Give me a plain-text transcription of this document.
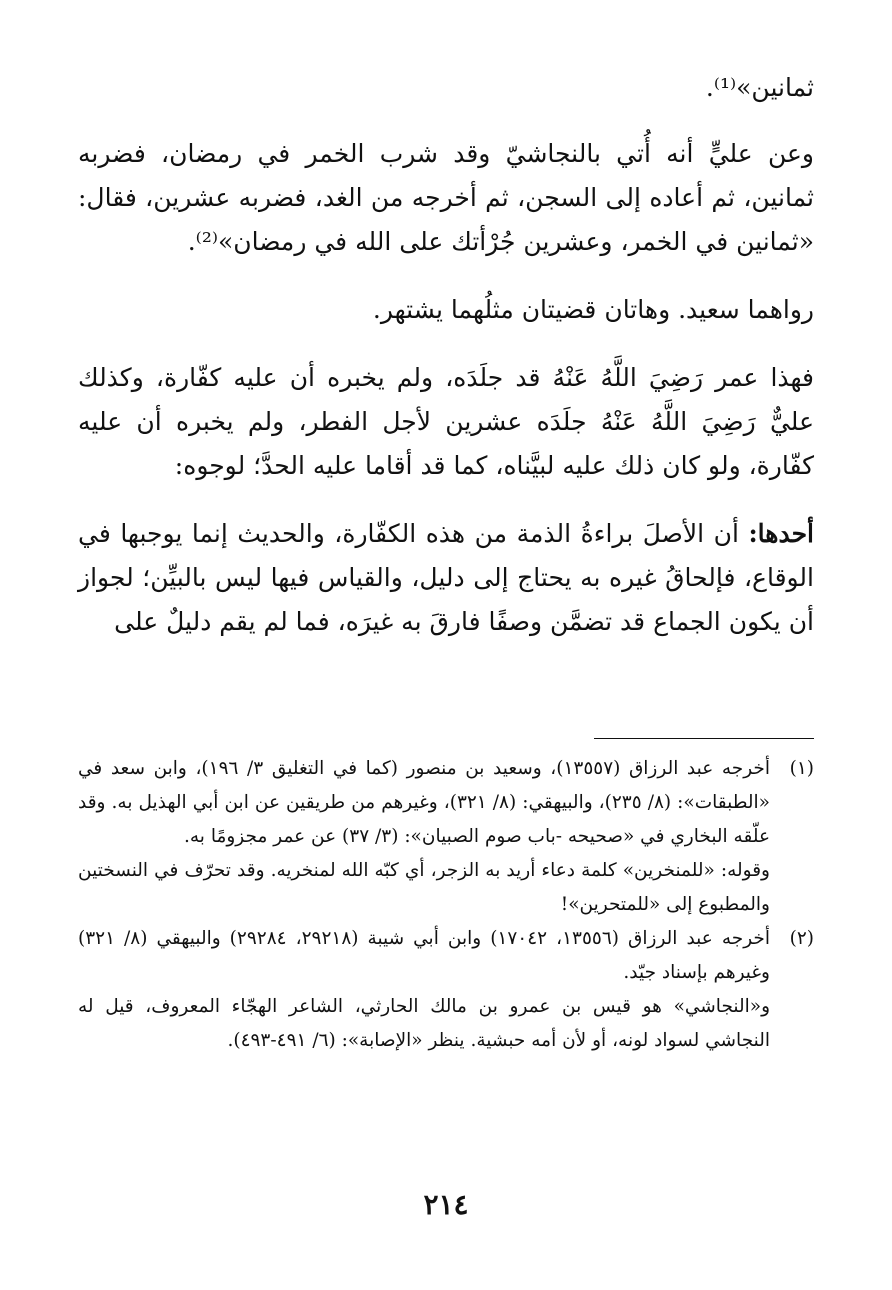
ثمانين»⁽¹⁾.

وعن عليٍّ أنه أُتي بالنجاشيّ وقد شرب الخمر في رمضان، فضربه ثمانين، ثم أعاده إلى السجن، ثم أخرجه من الغد، فضربه عشرين، فقال: «ثمانين في الخمر، وعشرين جُرْأتك على الله في رمضان»⁽²⁾.

رواهما سعيد. وهاتان قضيتان مثلُهما يشتهر.

فهذا عمر رَضِيَ اللَّهُ عَنْهُ قد جلَدَه، ولم يخبره أن عليه كفّارة، وكذلك عليٌّ رَضِيَ اللَّهُ عَنْهُ جلَدَه عشرين لأجل الفطر، ولم يخبره أن عليه كفّارة، ولو كان ذلك عليه لبيَّناه، كما قد أقاما عليه الحدَّ؛ لوجوه:

أحدها: أن الأصلَ براءةُ الذمة من هذه الكفّارة، والحديث إنما يوجبها في الوقاع، فإلحاقُ غيره به يحتاج إلى دليل، والقياس فيها ليس بالبيِّن؛ لجواز أن يكون الجماع قد تضمَّن وصفًا فارقَ به غيرَه، فما لم يقم دليلٌ على

(١)

أخرجه عبد الرزاق (١٣٥٥٧)، وسعيد بن منصور (كما في التغليق ٣/ ١٩٦)، وابن سعد في «الطبقات»: (٨/ ٢٣٥)، والبيهقي: (٨/ ٣٢١)، وغيرهم من طريقين عن ابن أبي الهذيل به. وقد علّقه البخاري في «صحيحه -باب صوم الصبيان»: (٣/ ٣٧) عن عمر مجزومًا به.

وقوله: «للمنخرين» كلمة دعاء أريد به الزجر، أي كبّه الله لمنخريه. وقد تحرّف في النسختين والمطبوع إلى «للمتحرين»!

(٢)

أخرجه عبد الرزاق (١٣٥٥٦، ١٧٠٤٢) وابن أبي شيبة (٢٩٢١٨، ٢٩٢٨٤) والبيهقي (٨/ ٣٢١) وغيرهم بإسناد جيّد.

و«النجاشي» هو قيس بن عمرو بن مالك الحارثي، الشاعر الهجّاء المعروف، قيل له النجاشي لسواد لونه، أو لأن أمه حبشية. ينظر «الإصابة»: (٦/ ٤٩١-٤٩٣).

٢١٤
